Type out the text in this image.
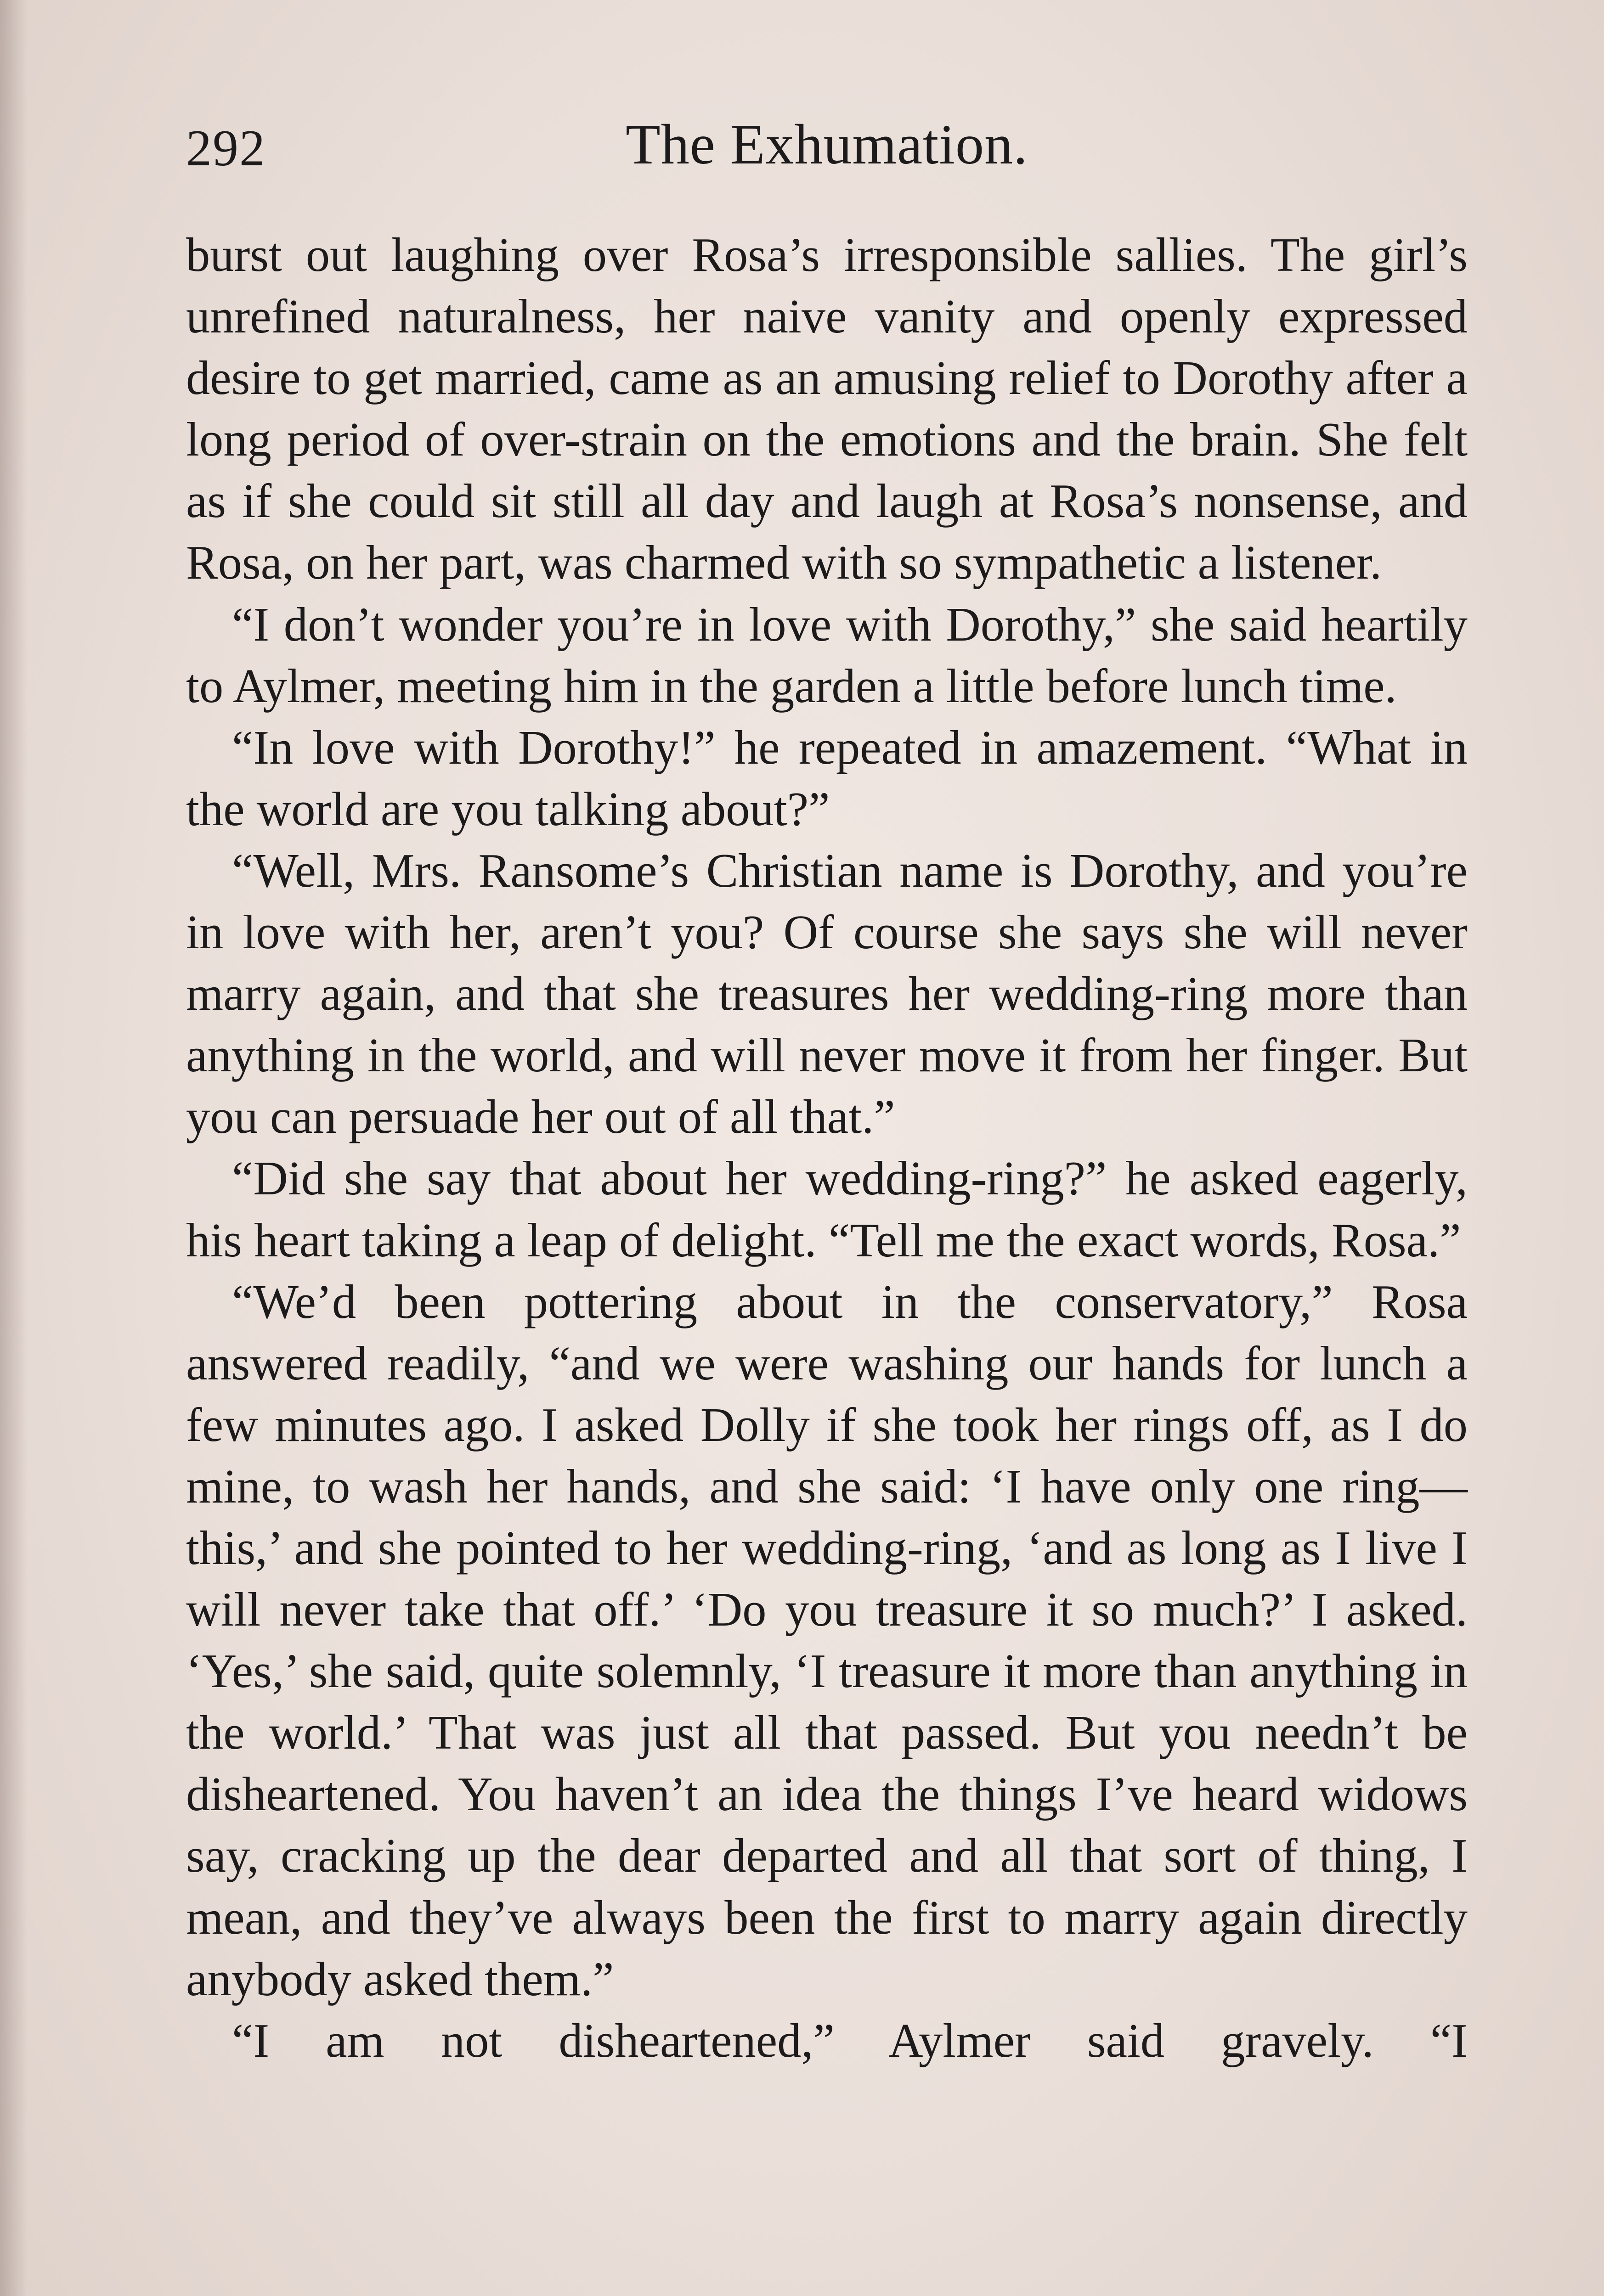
292	The Exhumation.

burst out laughing over Rosa’s irresponsible sallies. The girl’s unrefined naturalness, her naive vanity and openly expressed desire to get married, came as an amusing relief to Dorothy after a long period of over-strain on the emotions and the brain. She felt as if she could sit still all day and laugh at Rosa’s nonsense, and Rosa, on her part, was charmed with so sympathetic a listener.

“I don’t wonder you’re in love with Dorothy,” she said heartily to Aylmer, meeting him in the garden a little before lunch time.

“In love with Dorothy!” he repeated in amazement. “What in the world are you talking about?”

“Well, Mrs. Ransome’s Christian name is Dorothy, and you’re in love with her, aren’t you? Of course she says she will never marry again, and that she treasures her wedding-ring more than anything in the world, and will never move it from her finger. But you can persuade her out of all that.”

“Did she say that about her wedding-ring?” he asked eagerly, his heart taking a leap of delight. “Tell me the exact words, Rosa.”

“We’d been pottering about in the conservatory,” Rosa answered readily, “and we were washing our hands for lunch a few minutes ago. I asked Dolly if she took her rings off, as I do mine, to wash her hands, and she said: ‘I have only one ring—this,’ and she pointed to her wedding-ring, ‘and as long as I live I will never take that off.’ ‘Do you treasure it so much?’ I asked. ‘Yes,’ she said, quite solemnly, ‘I treasure it more than anything in the world.’ That was just all that passed. But you needn’t be disheartened. You haven’t an idea the things I’ve heard widows say, cracking up the dear departed and all that sort of thing, I mean, and they’ve always been the first to marry again directly anybody asked them.”

“I am not disheartened,” Aylmer said gravely. “I
